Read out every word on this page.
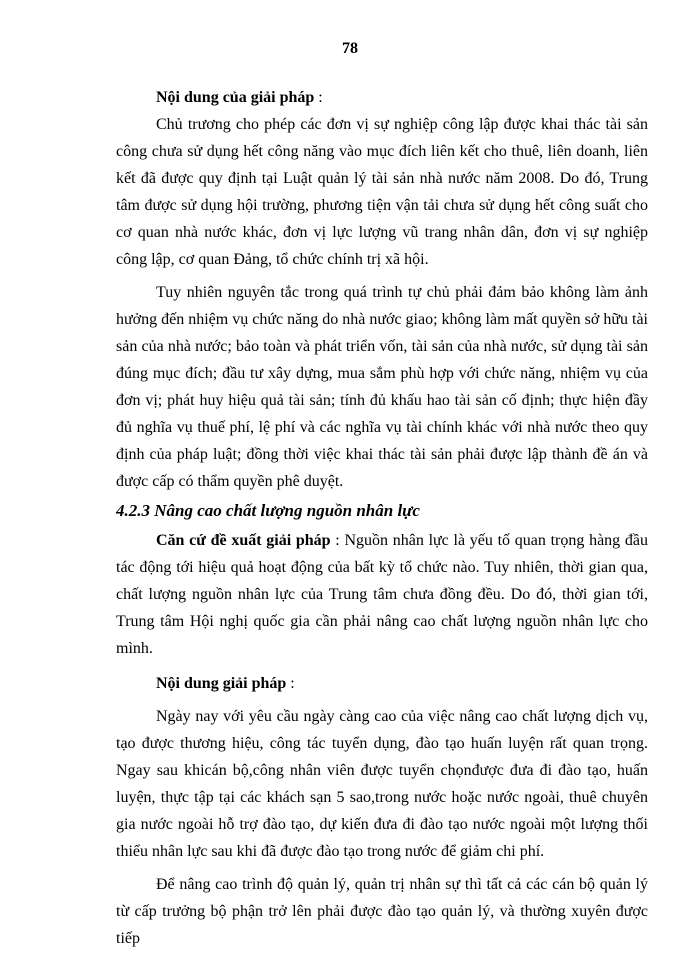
78

Nội dung của giải pháp :

Chủ trương cho phép các đơn vị sự nghiệp công lập được khai thác tài sản công chưa sử dụng hết công năng vào mục đích liên kết cho thuê, liên doanh, liên kết đã được quy định tại Luật quản lý tài sản nhà nước năm 2008. Do đó, Trung tâm được sử dụng hội trường, phương tiện vận tải chưa sử dụng hết công suất cho cơ quan nhà nước khác, đơn vị lực lượng vũ trang nhân dân, đơn vị sự nghiệp công lập, cơ quan Đảng, tổ chức chính trị xã hội.

Tuy nhiên nguyên tắc trong quá trình tự chủ phải đảm bảo không làm ảnh hưởng đến nhiệm vụ chức năng do nhà nước giao; không làm mất quyền sở hữu tài sản của nhà nước; bảo toàn và phát triển vốn, tài sản của nhà nước, sử dụng tài sản đúng mục đích; đầu tư xây dựng, mua sắm phù hợp với chức năng, nhiệm vụ của đơn vị; phát huy hiệu quả tài sản; tính đủ khấu hao tài sản cố định; thực hiện đầy đủ nghĩa vụ thuế phí, lệ phí và các nghĩa vụ tài chính khác với nhà nước theo quy định của pháp luật; đồng thời việc khai thác tài sản phải được lập thành đề án và được cấp có thẩm quyền phê duyệt.

4.2.3 Nâng cao chất lượng nguồn nhân lực

Căn cứ đề xuất giải pháp : Nguồn nhân lực là yếu tố quan trọng hàng đầu tác động tới hiệu quả hoạt động của bất kỳ tổ chức nào. Tuy nhiên, thời gian qua, chất lượng nguồn nhân lực của Trung tâm chưa đồng đều. Do đó, thời gian tới, Trung tâm Hội nghị quốc gia cần phải nâng cao chất lượng nguồn nhân lực cho mình.

Nội dung giải pháp :

Ngày nay với yêu cầu ngày càng cao của việc nâng cao chất lượng dịch vụ, tạo được thương hiệu, công tác tuyển dụng, đào tạo huấn luyện rất quan trọng. Ngay sau khicán bộ,công nhân viên được tuyển chọnđược đưa đi đào tạo, huấn luyện, thực tập tại các khách sạn 5 sao,trong nước hoặc nước ngoài, thuê chuyên gia nước ngoài hỗ trợ đào tạo, dự kiến đưa đi đào tạo nước ngoài một lượng thối thiểu nhân lực sau khi đã được đào tạo trong nước để giảm chi phí.

Để nâng cao trình độ quản lý, quản trị nhân sự thì tất cả các cán bộ quản lý từ cấp trưởng bộ phận trở lên phải được đào tạo quản lý, và thường xuyên được tiếp
